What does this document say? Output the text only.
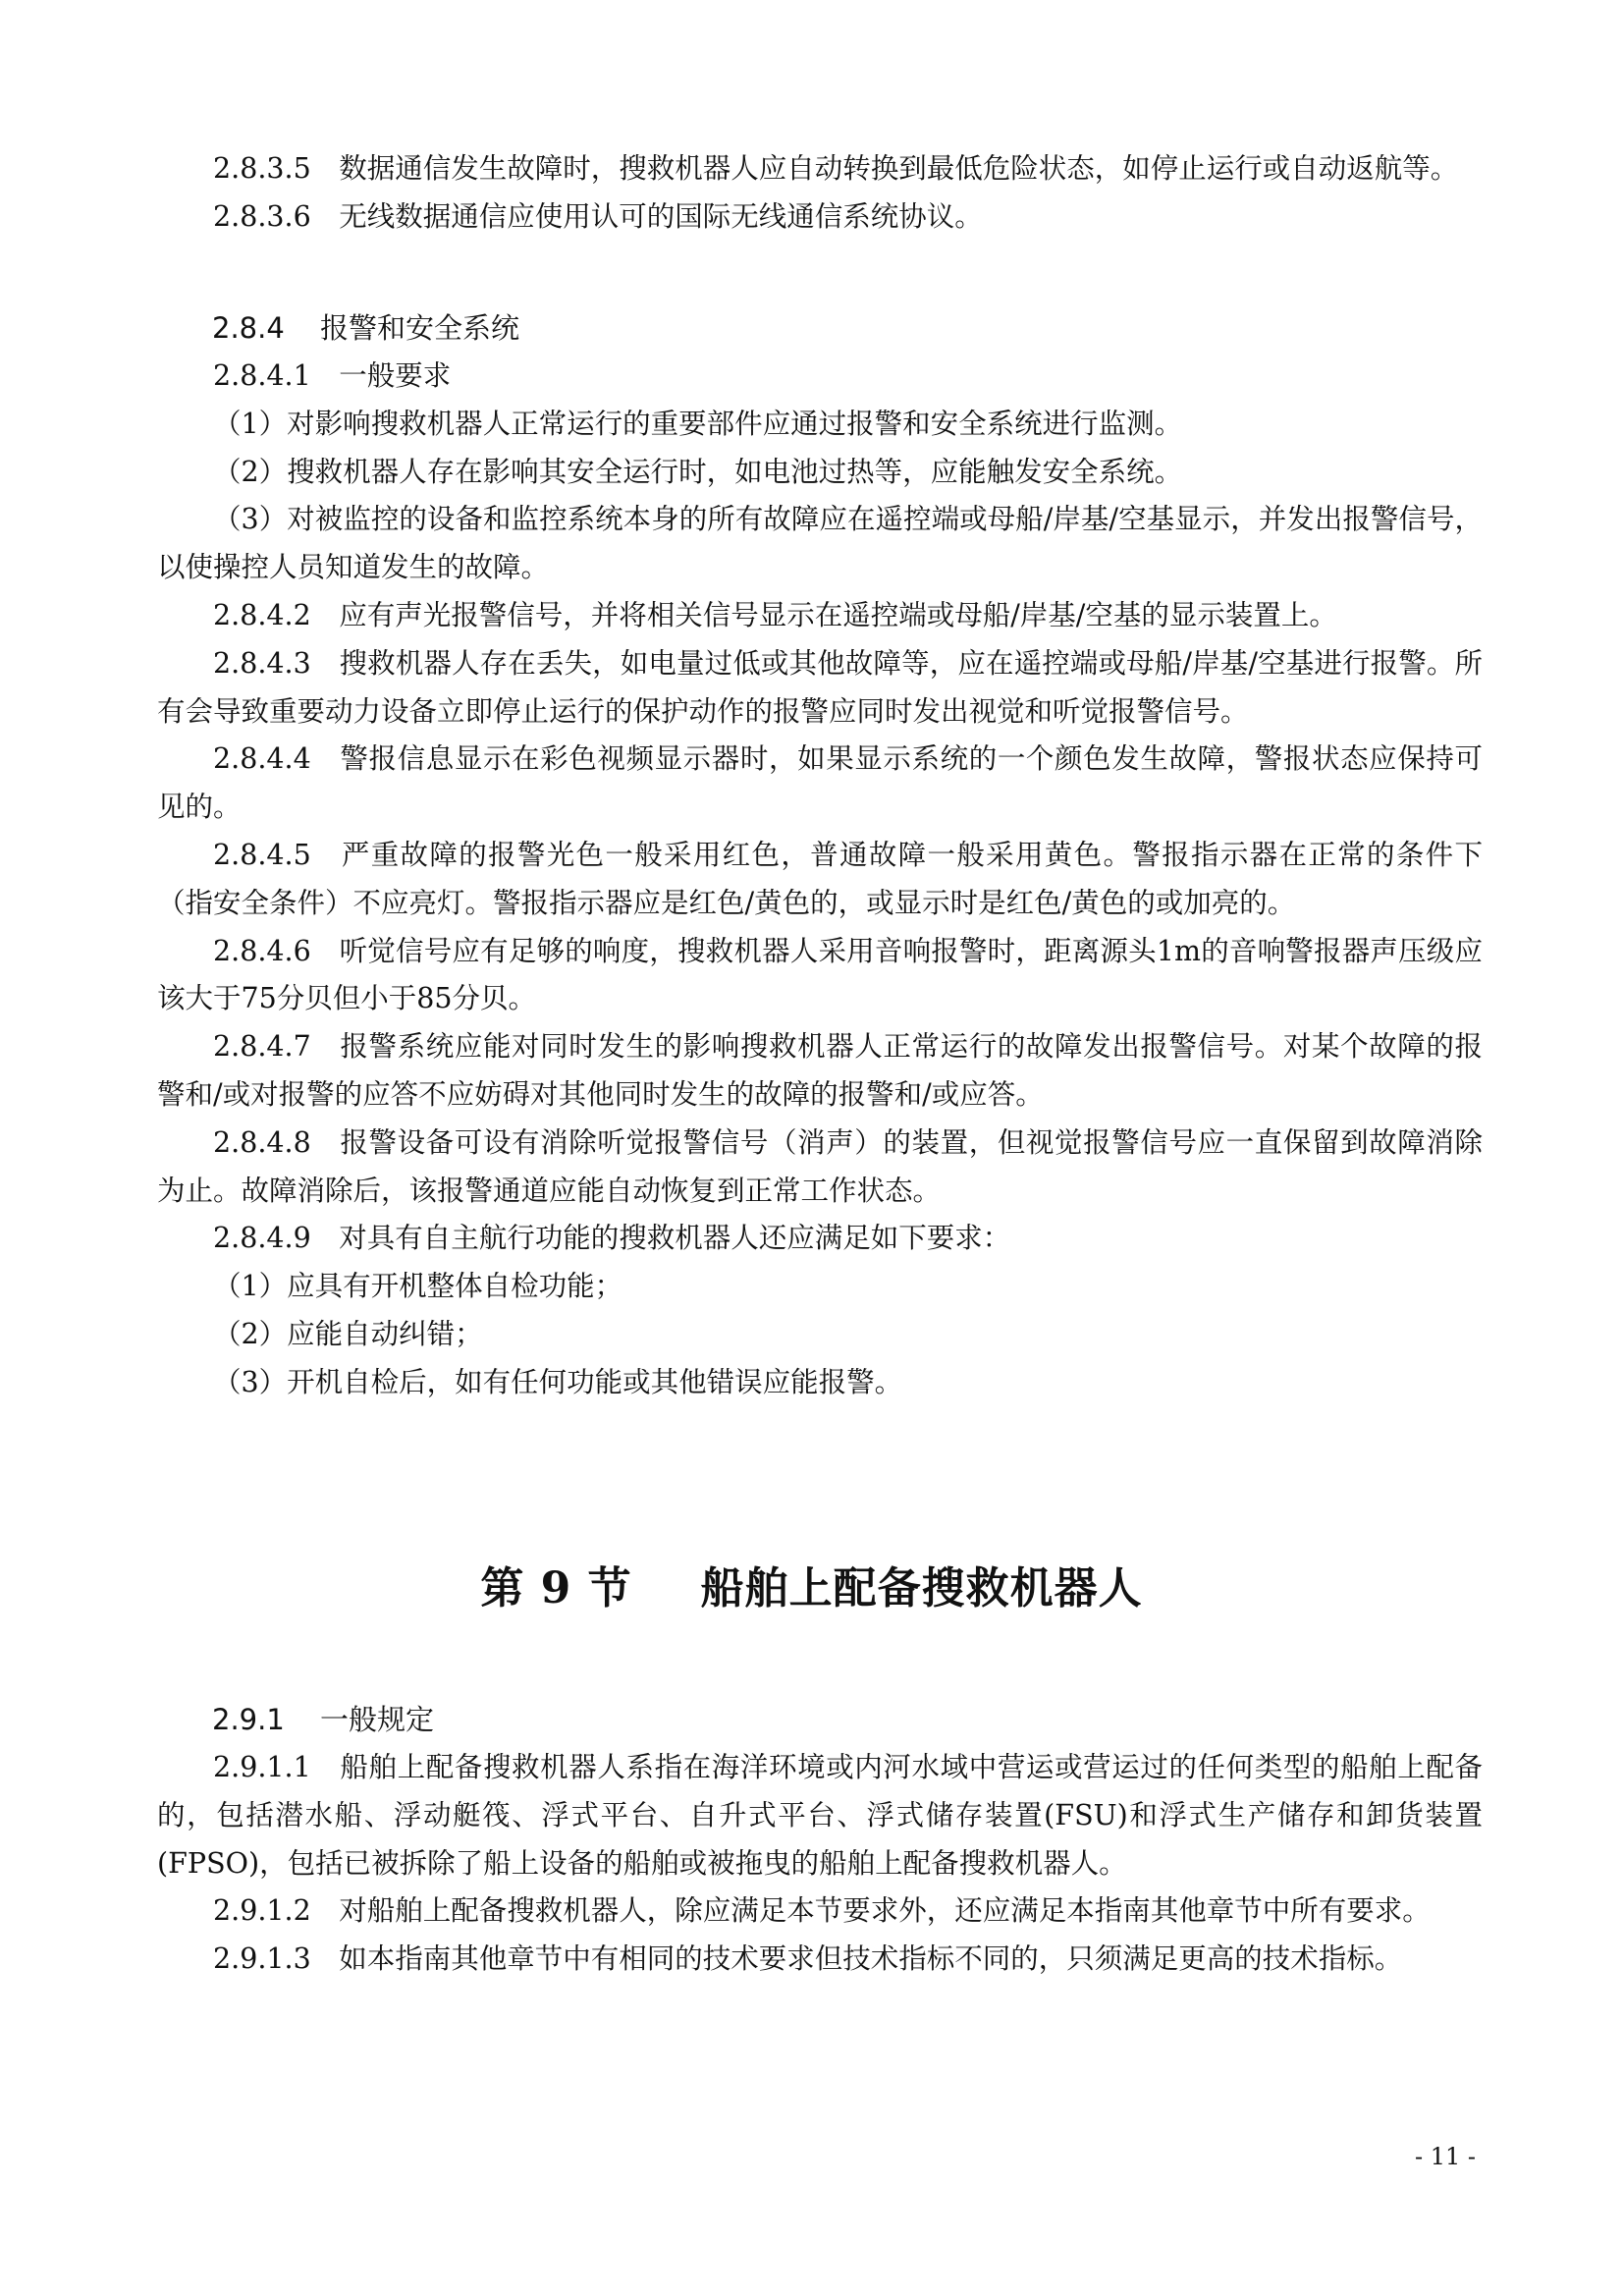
2.8.3.5　数据通信发生故障时，搜救机器人应自动转换到最低危险状态，如停止运行或自动返航等。

2.8.3.6　无线数据通信应使用认可的国际无线通信系统协议。

2.8.4 报警和安全系统

2.8.4.1　一般要求

（1）对影响搜救机器人正常运行的重要部件应通过报警和安全系统进行监测。

（2）搜救机器人存在影响其安全运行时，如电池过热等，应能触发安全系统。

（3）对被监控的设备和监控系统本身的所有故障应在遥控端或母船/岸基/空基显示，并发出报警信号，以使操控人员知道发生的故障。

2.8.4.2　应有声光报警信号，并将相关信号显示在遥控端或母船/岸基/空基的显示装置上。

2.8.4.3　搜救机器人存在丢失，如电量过低或其他故障等，应在遥控端或母船/岸基/空基进行报警。所有会导致重要动力设备立即停止运行的保护动作的报警应同时发出视觉和听觉报警信号。

2.8.4.4　警报信息显示在彩色视频显示器时，如果显示系统的一个颜色发生故障，警报状态应保持可见的。

2.8.4.5　严重故障的报警光色一般采用红色，普通故障一般采用黄色。警报指示器在正常的条件下（指安全条件）不应亮灯。警报指示器应是红色/黄色的，或显示时是红色/黄色的或加亮的。

2.8.4.6　听觉信号应有足够的响度，搜救机器人采用音响报警时，距离源头1m的音响警报器声压级应该大于75分贝但小于85分贝。

2.8.4.7　报警系统应能对同时发生的影响搜救机器人正常运行的故障发出报警信号。对某个故障的报警和/或对报警的应答不应妨碍对其他同时发生的故障的报警和/或应答。

2.8.4.8　报警设备可设有消除听觉报警信号（消声）的装置，但视觉报警信号应一直保留到故障消除为止。故障消除后，该报警通道应能自动恢复到正常工作状态。

2.8.4.9　对具有自主航行功能的搜救机器人还应满足如下要求：

（1）应具有开机整体自检功能；

（2）应能自动纠错；

（3）开机自检后，如有任何功能或其他错误应能报警。

第 9 节 船舶上配备搜救机器人
2.9.1 一般规定

2.9.1.1　船舶上配备搜救机器人系指在海洋环境或内河水域中营运或营运过的任何类型的船舶上配备的，包括潜水船、浮动艇筏、浮式平台、自升式平台、浮式储存装置(FSU)和浮式生产储存和卸货装置(FPSO)，包括已被拆除了船上设备的船舶或被拖曳的船舶上配备搜救机器人。

2.9.1.2　对船舶上配备搜救机器人，除应满足本节要求外，还应满足本指南其他章节中所有要求。

2.9.1.3　如本指南其他章节中有相同的技术要求但技术指标不同的，只须满足更高的技术指标。

- 11 -
